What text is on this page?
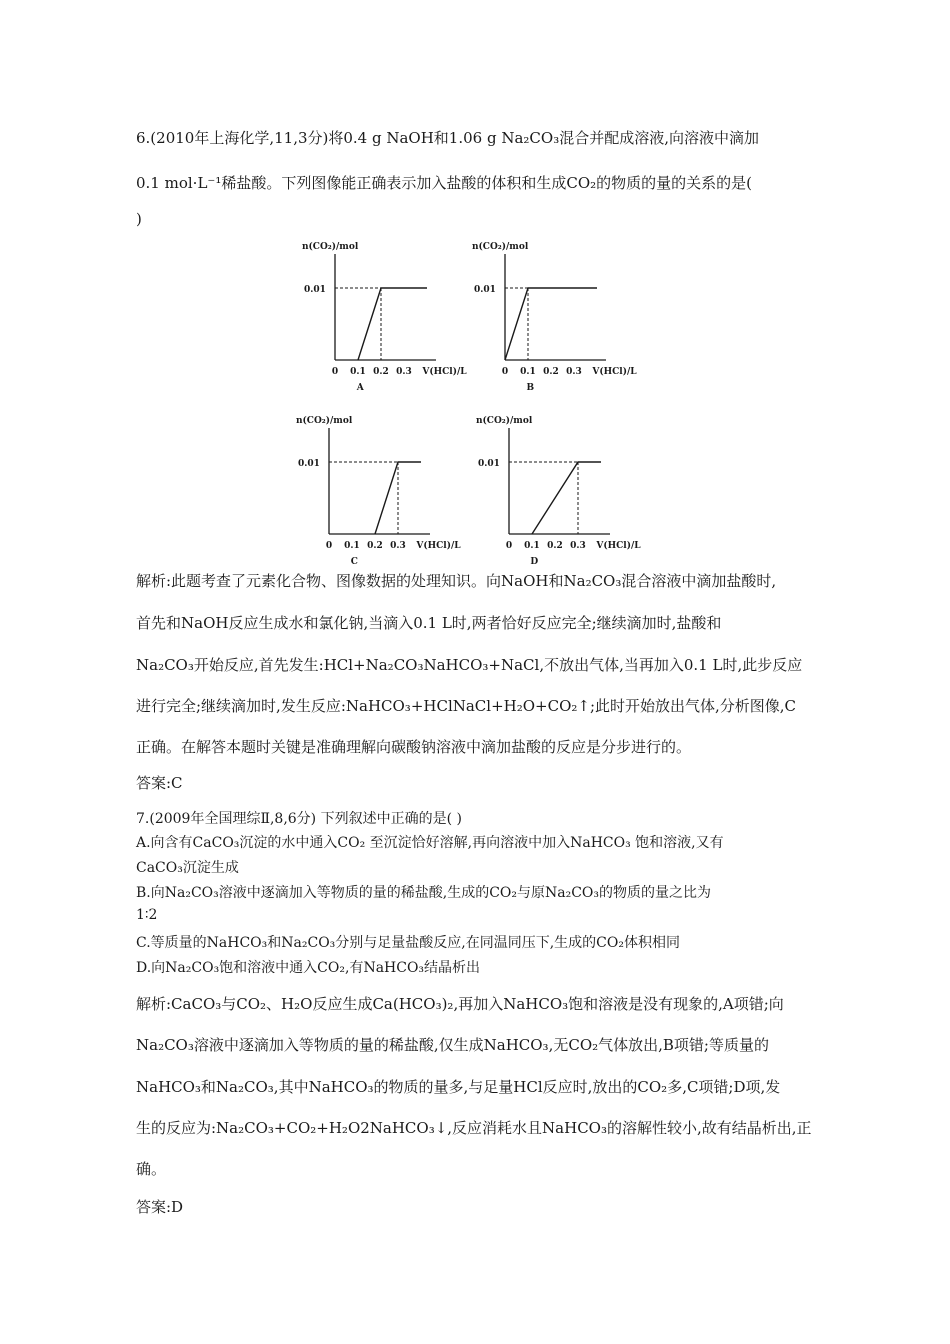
6.(2010年上海化学,11,3分)将0.4 g NaOH和1.06 g Na₂CO₃混合并配成溶液,向溶液中滴加
0.1 mol·L⁻¹稀盐酸。下列图像能正确表示加入盐酸的体积和生成CO₂的物质的量的关系的是(
)
n(CO₂)/mol
0.01
0 0.1 0.2 0.3 V(HCl)/L
A
n(CO₂)/mol
0.01
0 0.1 0.2 0.3 V(HCl)/L
B
n(CO₂)/mol
0.01
0 0.1 0.2 0.3 V(HCl)/L
C
n(CO₂)/mol
0.01
0 0.1 0.2 0.3 V(HCl)/L
D
解析:此题考查了元素化合物、图像数据的处理知识。向NaOH和Na₂CO₃混合溶液中滴加盐酸时,
首先和NaOH反应生成水和氯化钠,当滴入0.1 L时,两者恰好反应完全;继续滴加时,盐酸和
Na₂CO₃开始反应,首先发生:HCl+Na₂CO₃NaHCO₃+NaCl,不放出气体,当再加入0.1 L时,此步反应
进行完全;继续滴加时,发生反应:NaHCO₃+HClNaCl+H₂O+CO₂↑;此时开始放出气体,分析图像,C
正确。在解答本题时关键是准确理解向碳酸钠溶液中滴加盐酸的反应是分步进行的。
答案:C
7.(2009年全国理综Ⅱ,8,6分) 下列叙述中正确的是( )
A.向含有CaCO₃沉淀的水中通入CO₂ 至沉淀恰好溶解,再向溶液中加入NaHCO₃ 饱和溶液,又有
CaCO₃沉淀生成
B.向Na₂CO₃溶液中逐滴加入等物质的量的稀盐酸,生成的CO₂与原Na₂CO₃的物质的量之比为
1∶2
C.等质量的NaHCO₃和Na₂CO₃分别与足量盐酸反应,在同温同压下,生成的CO₂体积相同
D.向Na₂CO₃饱和溶液中通入CO₂,有NaHCO₃结晶析出
解析:CaCO₃与CO₂、H₂O反应生成Ca(HCO₃)₂,再加入NaHCO₃饱和溶液是没有现象的,A项错;向
Na₂CO₃溶液中逐滴加入等物质的量的稀盐酸,仅生成NaHCO₃,无CO₂气体放出,B项错;等质量的
NaHCO₃和Na₂CO₃,其中NaHCO₃的物质的量多,与足量HCl反应时,放出的CO₂多,C项错;D项,发
生的反应为:Na₂CO₃+CO₂+H₂O2NaHCO₃↓,反应消耗水且NaHCO₃的溶解性较小,故有结晶析出,正
确。
答案:D
